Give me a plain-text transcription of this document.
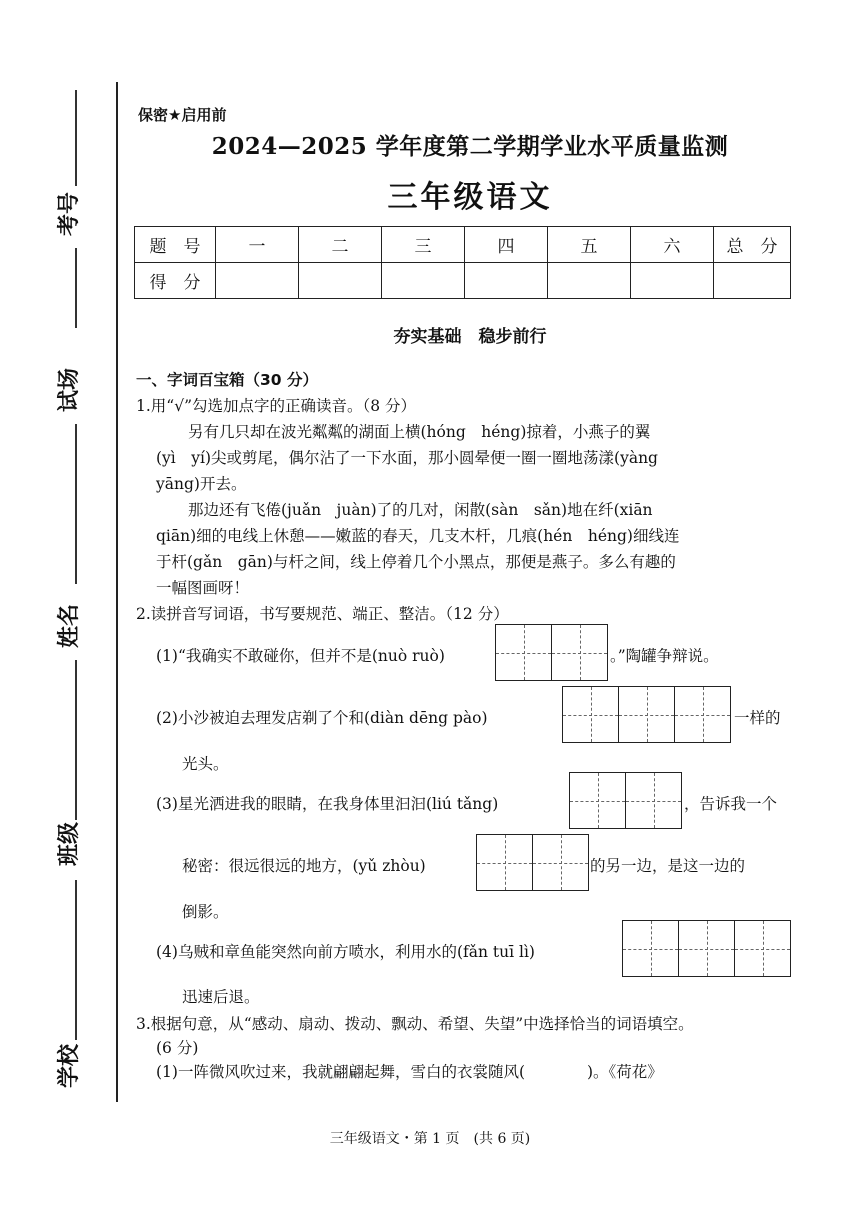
考号
试场
姓名
班级
学校
保密★启用前
2024—2025 学年度第二学期学业水平质量监测
三年级语文
题　号	一	二	三	四	五	六	总　分
得　分							
夯实基础　稳步前行
一、字词百宝箱（30 分）
1.用“√”勾选加点字的正确读音。（8 分）
另有几只却在波光粼粼的湖面上横(hóng　héng)掠着，小燕子的翼
(yì　yí)尖或剪尾，偶尔沾了一下水面，那小圆晕便一圈一圈地荡漾(yàng
yāng)开去。
那边还有飞倦(juǎn　juàn)了的几对，闲散(sàn　sǎn)地在纤(xiān
qiān)细的电线上休憩——嫩蓝的春天，几支木杆，几痕(hén　héng)细线连
于杆(gǎn　gān)与杆之间，线上停着几个小黑点，那便是燕子。多么有趣的
一幅图画呀！
2.读拼音写词语，书写要规范、端正、整洁。（12 分）
(1)“我确实不敢碰你，但并不是(nuò ruò)	。”陶罐争辩说。
(2)小沙被迫去理发店剃了个和(diàn dēng pào)	一样的
光头。
(3)星光洒进我的眼睛，在我身体里汩汩(liú tǎng)	，告诉我一个
秘密：很远很远的地方，(yǔ zhòu)	的另一边，是这一边的
倒影。
(4)乌贼和章鱼能突然向前方喷水，利用水的(fǎn tuī lì)
迅速后退。
3.根据句意，从“感动、扇动、拨动、飘动、希望、失望”中选择恰当的词语填空。
(6 分)
(1)一阵微风吹过来，我就翩翩起舞，雪白的衣裳随风(　　　　)。《荷花》
三年级语文・第 1 页　(共 6 页)
